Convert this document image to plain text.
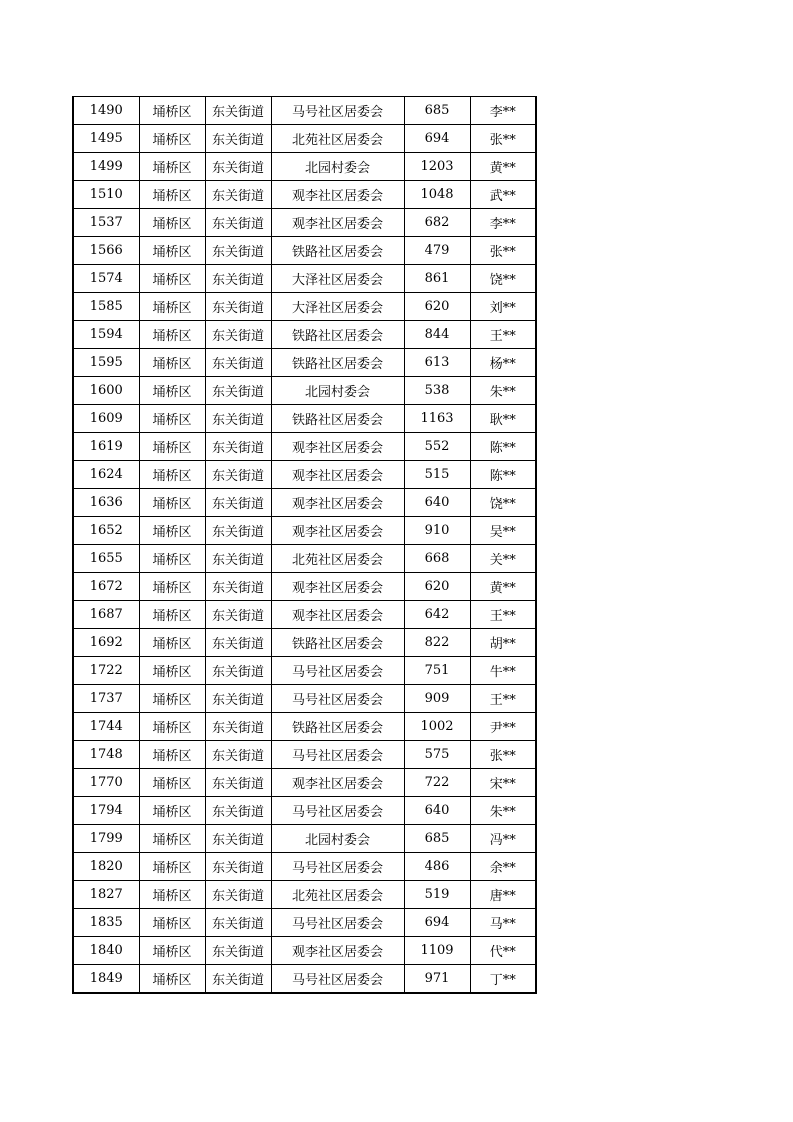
1490	埇桥区	东关街道	马号社区居委会	685	李**
1495	埇桥区	东关街道	北苑社区居委会	694	张**
1499	埇桥区	东关街道	北园村委会	1203	黄**
1510	埇桥区	东关街道	观李社区居委会	1048	武**
1537	埇桥区	东关街道	观李社区居委会	682	李**
1566	埇桥区	东关街道	铁路社区居委会	479	张**
1574	埇桥区	东关街道	大泽社区居委会	861	饶**
1585	埇桥区	东关街道	大泽社区居委会	620	刘**
1594	埇桥区	东关街道	铁路社区居委会	844	王**
1595	埇桥区	东关街道	铁路社区居委会	613	杨**
1600	埇桥区	东关街道	北园村委会	538	朱**
1609	埇桥区	东关街道	铁路社区居委会	1163	耿**
1619	埇桥区	东关街道	观李社区居委会	552	陈**
1624	埇桥区	东关街道	观李社区居委会	515	陈**
1636	埇桥区	东关街道	观李社区居委会	640	饶**
1652	埇桥区	东关街道	观李社区居委会	910	吴**
1655	埇桥区	东关街道	北苑社区居委会	668	关**
1672	埇桥区	东关街道	观李社区居委会	620	黄**
1687	埇桥区	东关街道	观李社区居委会	642	王**
1692	埇桥区	东关街道	铁路社区居委会	822	胡**
1722	埇桥区	东关街道	马号社区居委会	751	牛**
1737	埇桥区	东关街道	马号社区居委会	909	王**
1744	埇桥区	东关街道	铁路社区居委会	1002	尹**
1748	埇桥区	东关街道	马号社区居委会	575	张**
1770	埇桥区	东关街道	观李社区居委会	722	宋**
1794	埇桥区	东关街道	马号社区居委会	640	朱**
1799	埇桥区	东关街道	北园村委会	685	冯**
1820	埇桥区	东关街道	马号社区居委会	486	余**
1827	埇桥区	东关街道	北苑社区居委会	519	唐**
1835	埇桥区	东关街道	马号社区居委会	694	马**
1840	埇桥区	东关街道	观李社区居委会	1109	代**
1849	埇桥区	东关街道	马号社区居委会	971	丁**
